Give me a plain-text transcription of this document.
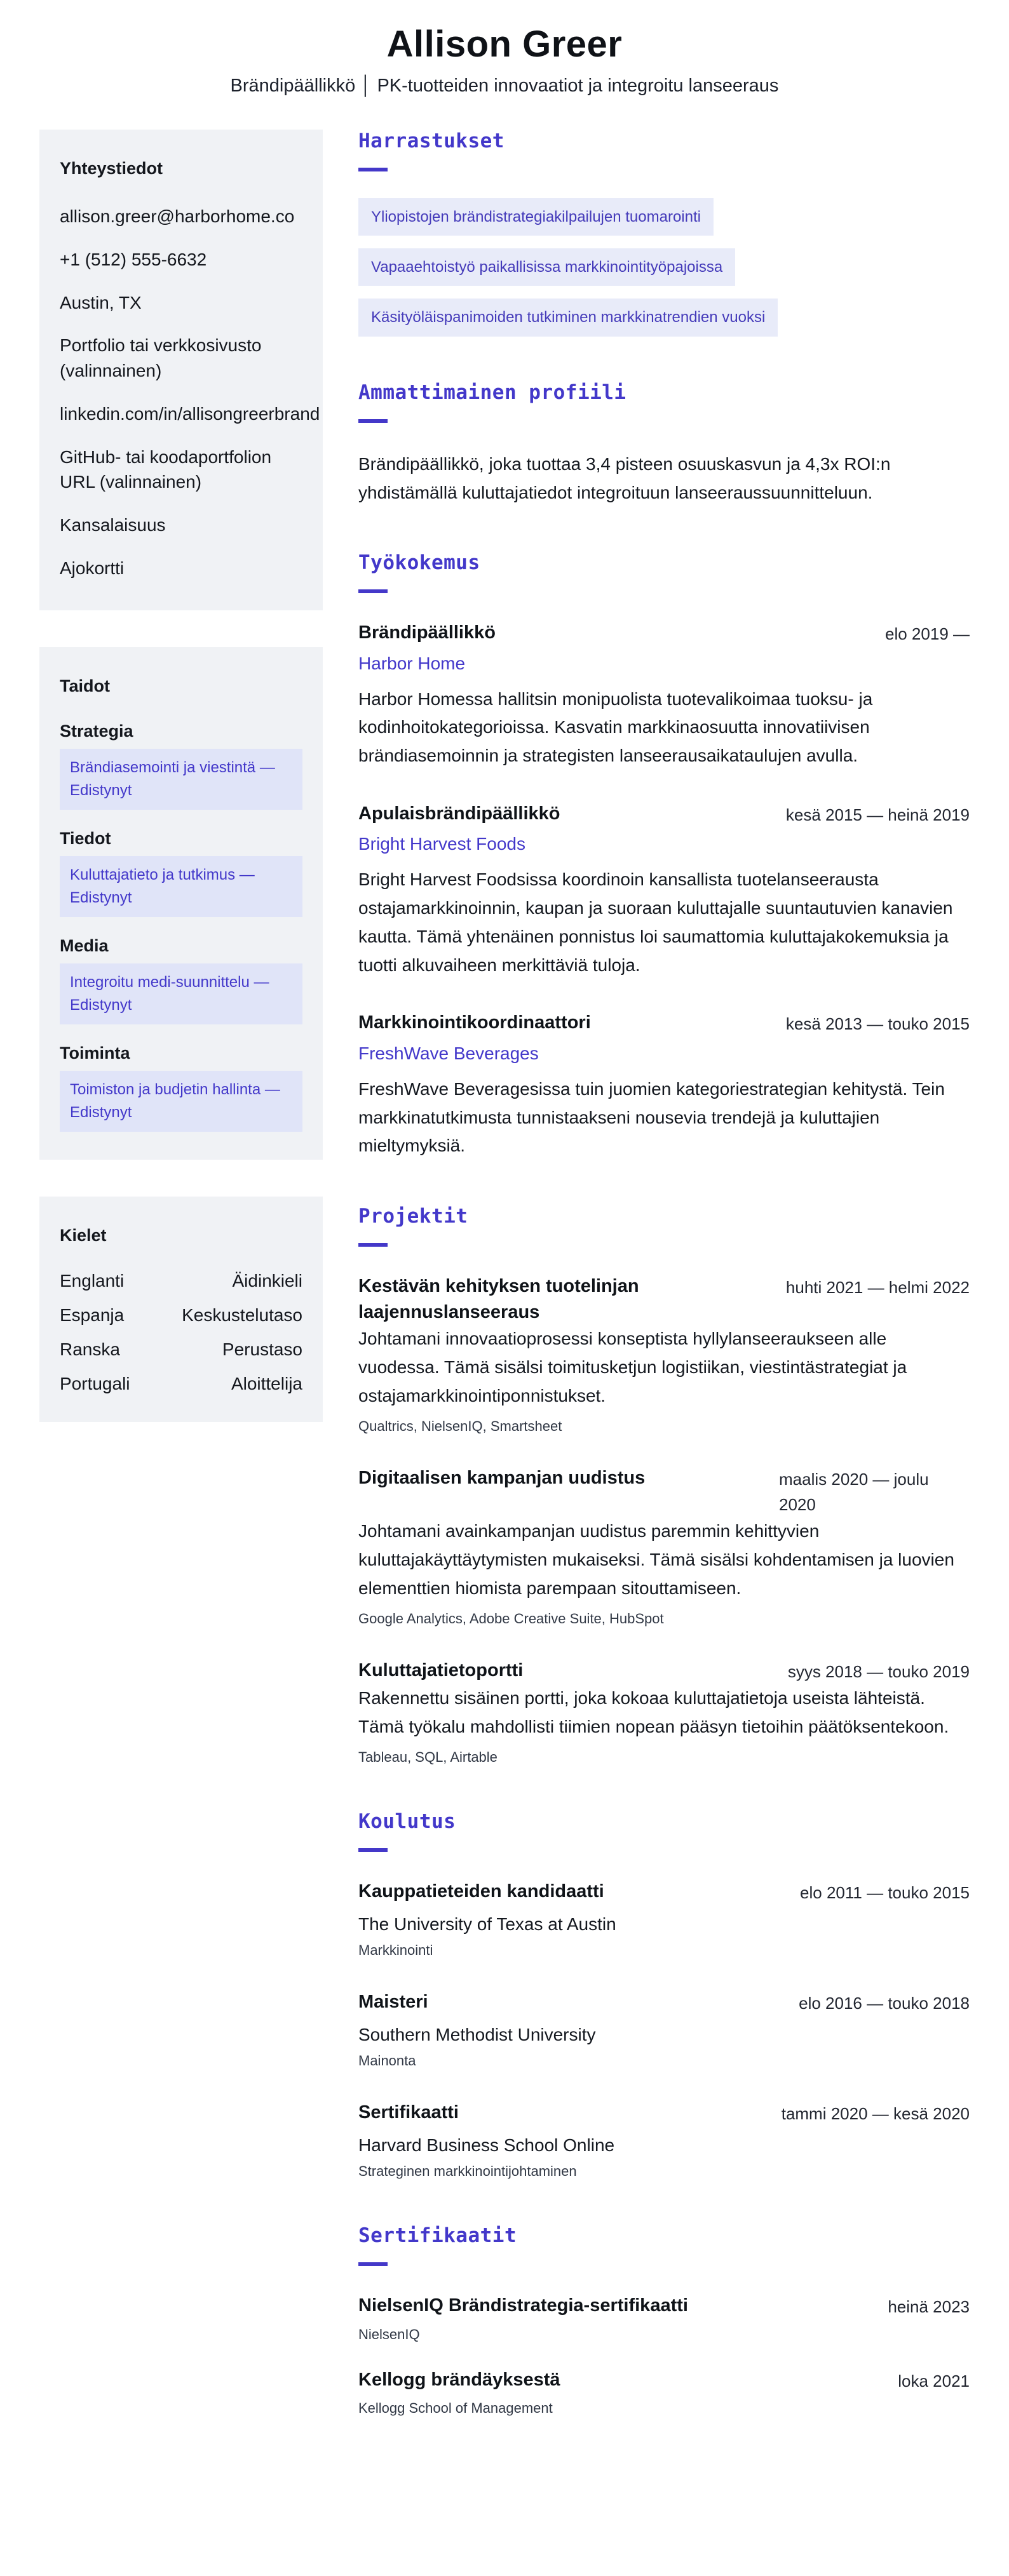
Allison Greer
Brändipäällikkö │ PK-tuotteiden innovaatiot ja integroitu lanseeraus
Yhteystiedot
allison.greer@harborhome.co
+1 (512) 555-6632
Austin, TX
Portfolio tai verkkosivusto (valinnainen)
linkedin.com/in/allisongreerbrand
GitHub- tai koodaportfolion URL (valinnainen)
Kansalaisuus
Ajokortti
Taidot
Strategia
Brändiasemointi ja viestintä — Edistynyt
Tiedot
Kuluttajatieto ja tutkimus — Edistynyt
Media
Integroitu medi-suunnittelu — Edistynyt
Toiminta
Toimiston ja budjetin hallinta — Edistynyt
Kielet
Englanti	Äidinkieli
Espanja	Keskustelutaso
Ranska	Perustaso
Portugali	Aloittelija
Harrastukset
Yliopistojen brändistrategiakilpailujen tuomarointi
Vapaaehtoistyö paikallisissa markkinointityöpajoissa
Käsityöläispanimoiden tutkiminen markkinatrendien vuoksi
Ammattimainen profiili

Brändipäällikkö, joka tuottaa 3,4 pisteen osuuskasvun ja 4,3x ROI:n yhdistämällä kuluttajatiedot integroituun lanseeraussuunnitteluun.

Työkokemus
Brändipäällikkö	elo 2019 —
Harbor Home

Harbor Homessa hallitsin monipuolista tuotevalikoimaa tuoksu- ja kodinhoitokategorioissa. Kasvatin markkinaosuutta innovatiivisen brändiasemoinnin ja strategisten lanseerausaikataulujen avulla.

Apulaisbrändipäällikkö	kesä 2015 — heinä 2019
Bright Harvest Foods

Bright Harvest Foodsissa koordinoin kansallista tuotelanseerausta ostajamarkkinoinnin, kaupan ja suoraan kuluttajalle suuntautuvien kanavien kautta. Tämä yhtenäinen ponnistus loi saumattomia kuluttajakokemuksia ja tuotti alkuvaiheen merkittäviä tuloja.

Markkinointikoordinaattori	kesä 2013 — touko 2015
FreshWave Beverages

FreshWave Beveragesissa tuin juomien kategoriestrategian kehitystä. Tein markkinatutkimusta tunnistaakseni nousevia trendejä ja kuluttajien mieltymyksiä.

Projektit
Kestävän kehityksen tuotelinjan laajennuslanseeraus
huhti 2021 — helmi 2022

Johtamani innovaatioprosessi konseptista hyllylanseeraukseen alle vuodessa. Tämä sisälsi toimitusketjun logistiikan, viestintästrategiat ja ostajamarkkinointiponnistukset.

Qualtrics, NielsenIQ, Smartsheet
Digitaalisen kampanjan uudistus	maalis 2020 — joulu 2020

Johtamani avainkampanjan uudistus paremmin kehittyvien kuluttajakäyttäytymisten mukaiseksi. Tämä sisälsi kohdentamisen ja luovien elementtien hiomista parempaan sitouttamiseen.

Google Analytics, Adobe Creative Suite, HubSpot
Kuluttajatietoportti	syys 2018 — touko 2019

Rakennettu sisäinen portti, joka kokoaa kuluttajatietoja useista lähteistä. Tämä työkalu mahdollisti tiimien nopean pääsyn tietoihin päätöksentekoon.

Tableau, SQL, Airtable
Koulutus
Kauppatieteiden kandidaatti	elo 2011 — touko 2015
The University of Texas at Austin
Markkinointi
Maisteri	elo 2016 — touko 2018
Southern Methodist University
Mainonta
Sertifikaatti	tammi 2020 — kesä 2020
Harvard Business School Online
Strateginen markkinointijohtaminen
Sertifikaatit
NielsenIQ Brändistrategia-sertifikaatti	heinä 2023
NielsenIQ
Kellogg brändäyksestä	loka 2021
Kellogg School of Management
